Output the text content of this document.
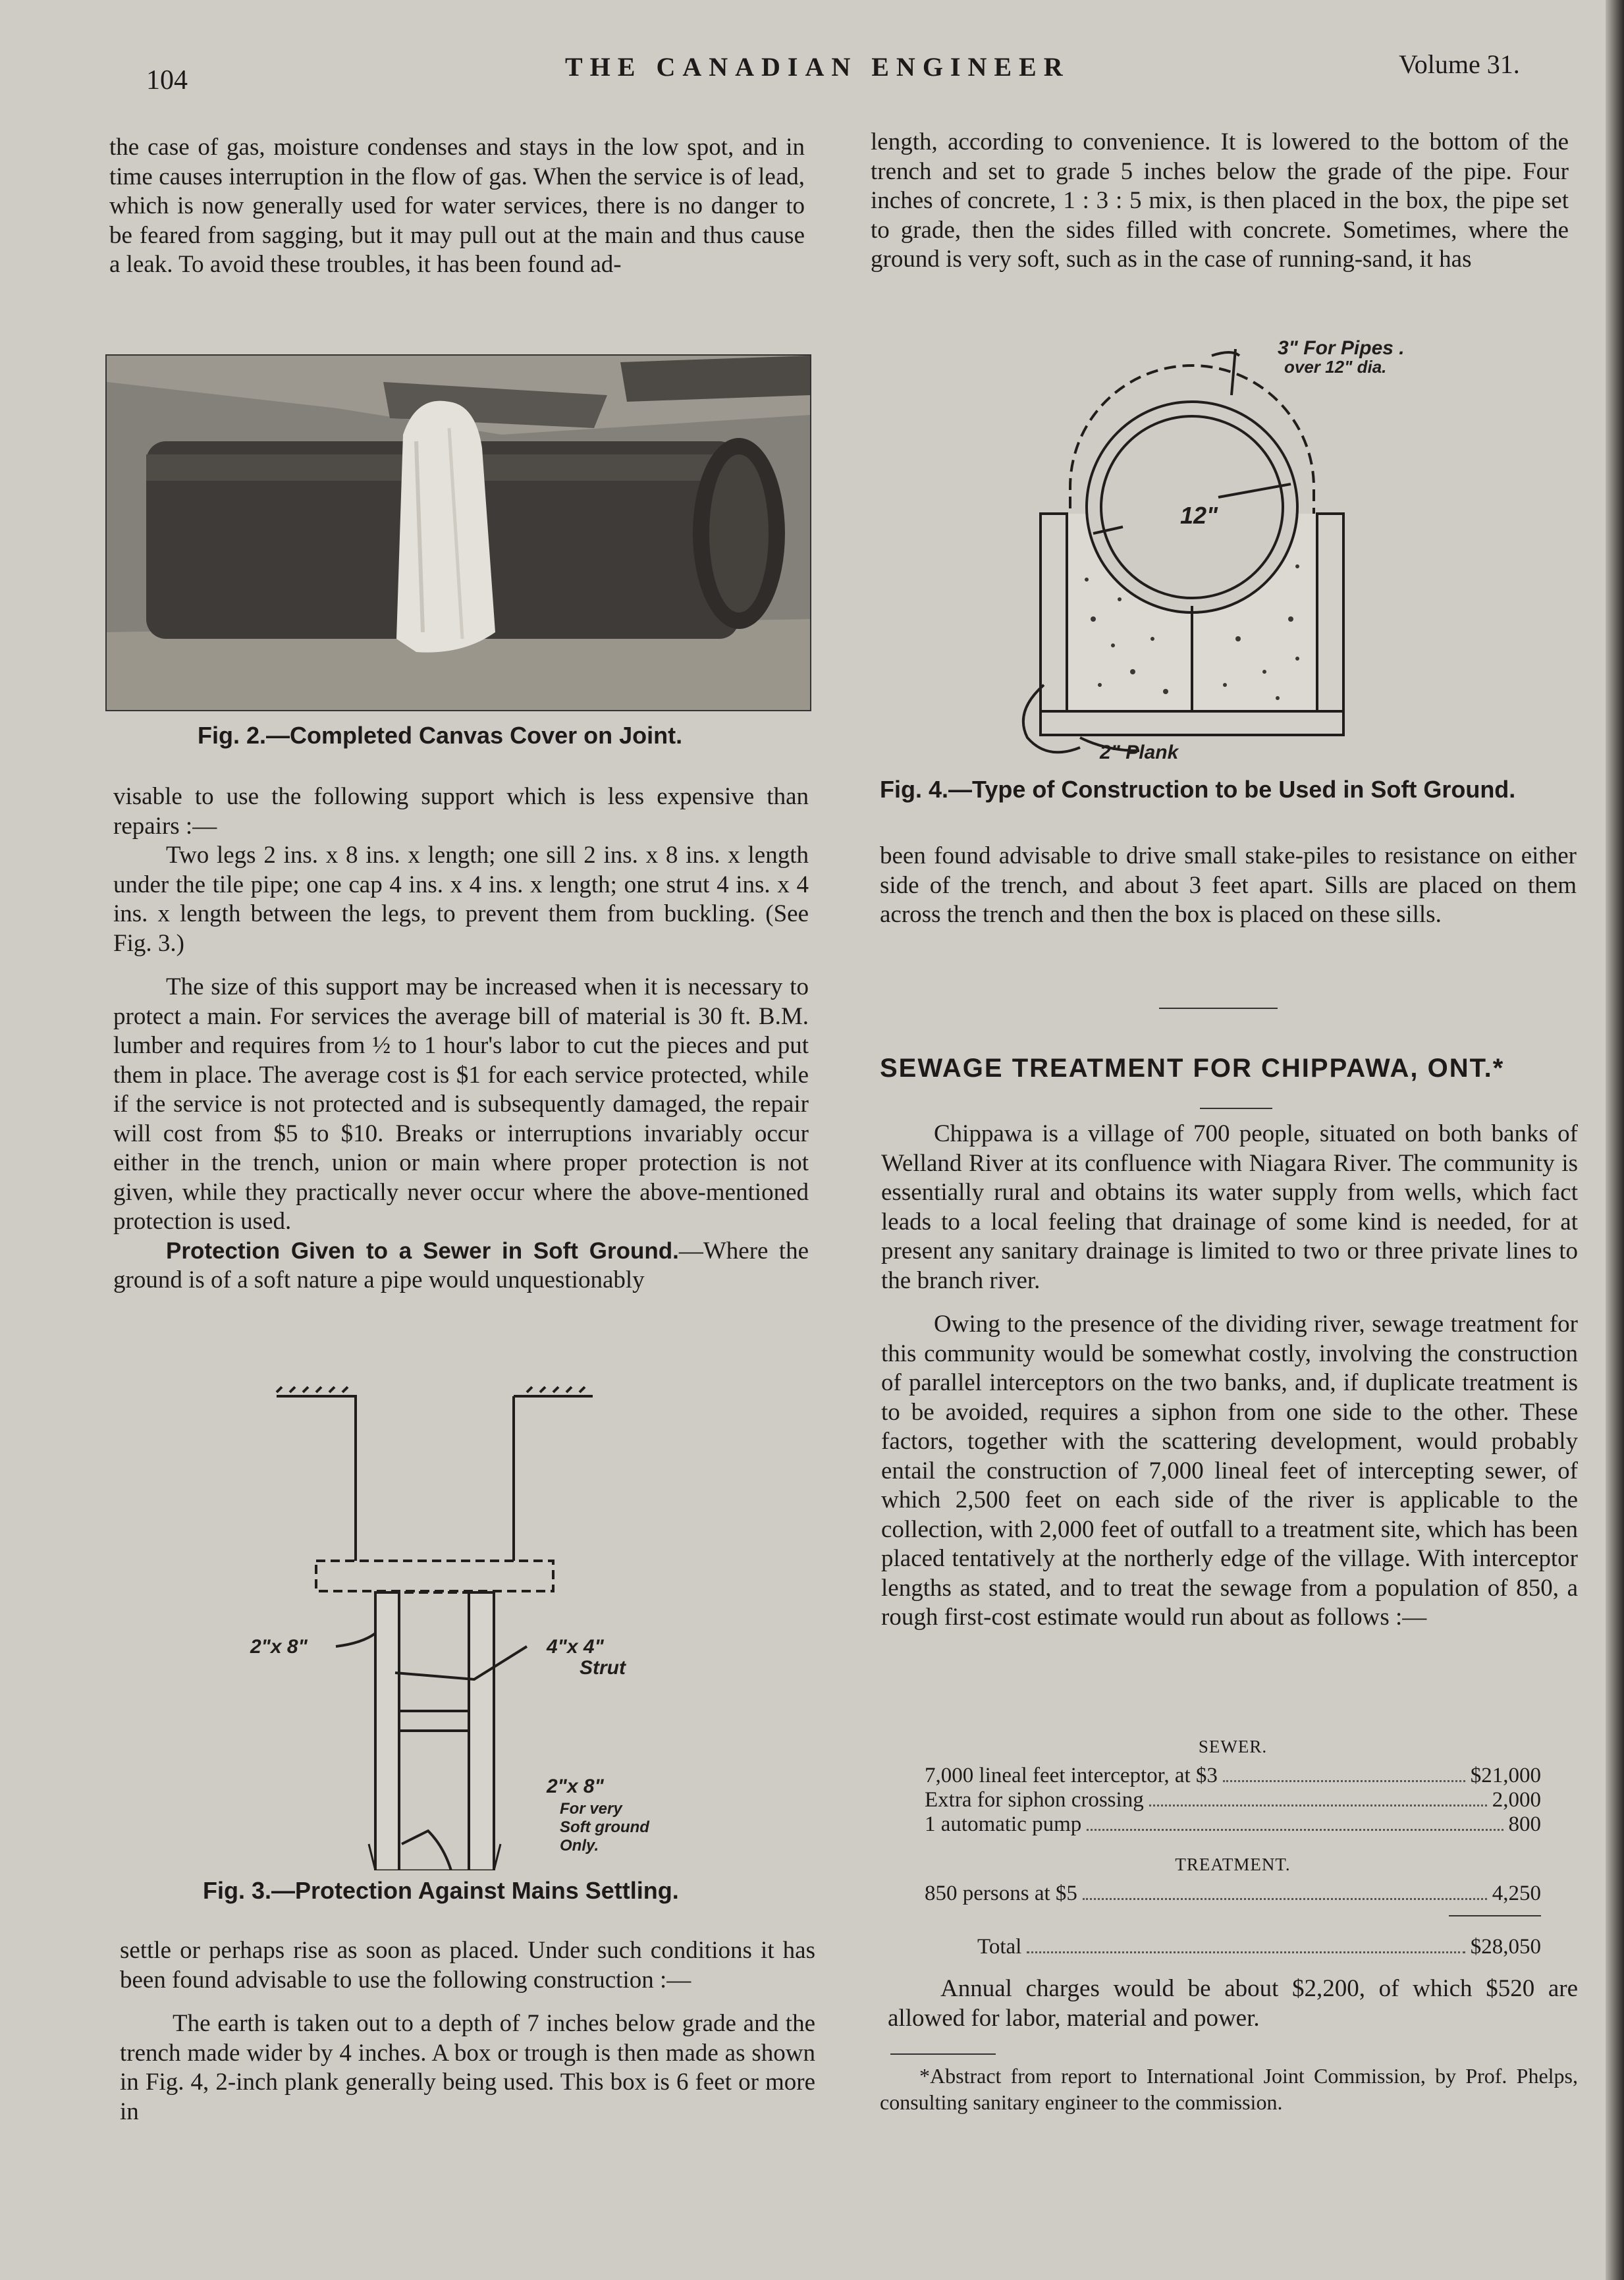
104	THE CANADIAN ENGINEER	Volume 31.

the case of gas, moisture condenses and stays in the low spot, and in time causes interruption in the flow of gas. When the service is of lead, which is now generally used for water services, there is no danger to be feared from sagging, but it may pull out at the main and thus cause a leak. To avoid these troubles, it has been found ad-

Fig. 2.—Completed Canvas Cover on Joint.

visable to use the following support which is less expensive than repairs :—

Two legs 2 ins. x 8 ins. x length; one sill 2 ins. x 8 ins. x length under the tile pipe; one cap 4 ins. x 4 ins. x length; one strut 4 ins. x 4 ins. x length between the legs, to prevent them from buckling. (See Fig. 3.)

The size of this support may be increased when it is necessary to protect a main. For services the average bill of material is 30 ft. B.M. lumber and requires from ½ to 1 hour's labor to cut the pieces and put them in place. The average cost is $1 for each service protected, while if the service is not protected and is subsequently damaged, the repair will cost from $5 to $10. Breaks or interruptions invariably occur either in the trench, union or main where proper protection is not given, while they practically never occur where the above-mentioned protection is used.

Protection Given to a Sewer in Soft Ground.—Where the ground is of a soft nature a pipe would unquestionably

2"x 8"	4"x 4"
Strut
2"x 8"
For very
Soft ground
Only.
Fig. 3.—Protection Against Mains Settling.

settle or perhaps rise as soon as placed. Under such conditions it has been found advisable to use the following construction :—

The earth is taken out to a depth of 7 inches below grade and the trench made wider by 4 inches. A box or trough is then made as shown in Fig. 4, 2-inch plank generally being used. This box is 6 feet or more in

length, according to convenience. It is lowered to the bottom of the trench and set to grade 5 inches below the grade of the pipe. Four inches of concrete, 1 : 3 : 5 mix, is then placed in the box, the pipe set to grade, then the sides filled with concrete. Sometimes, where the ground is very soft, such as in the case of running-sand, it has

3" For Pipes .
over 12" dia.
12"
2" Plank
Fig. 4.—Type of Construction to be Used in Soft Ground.

been found advisable to drive small stake-piles to resistance on either side of the trench, and about 3 feet apart. Sills are placed on them across the trench and then the box is placed on these sills.

SEWAGE TREATMENT FOR CHIPPAWA, ONT.*

Chippawa is a village of 700 people, situated on both banks of Welland River at its confluence with Niagara River. The community is essentially rural and obtains its water supply from wells, which fact leads to a local feeling that drainage of some kind is needed, for at present any sanitary drainage is limited to two or three private lines to the branch river.

Owing to the presence of the dividing river, sewage treatment for this community would be somewhat costly, involving the construction of parallel interceptors on the two banks, and, if duplicate treatment is to be avoided, requires a siphon from one side to the other. These factors, together with the scattering development, would probably entail the construction of 7,000 lineal feet of intercepting sewer, of which 2,500 feet on each side of the river is applicable to the collection, with 2,000 feet of outfall to a treatment site, which has been placed tentatively at the northerly edge of the village. With interceptor lengths as stated, and to treat the sewage from a population of 850, a rough first-cost estimate would run about as follows :—

SEWER.
7,000 lineal feet interceptor, at $3	$21,000
Extra for siphon crossing	2,000
1 automatic pump	800
TREATMENT.
850 persons at $5	4,250
Total	$28,050

Annual charges would be about $2,200, of which $520 are allowed for labor, material and power.

*Abstract from report to International Joint Commission, by Prof. Phelps, consulting sanitary engineer to the commission.
